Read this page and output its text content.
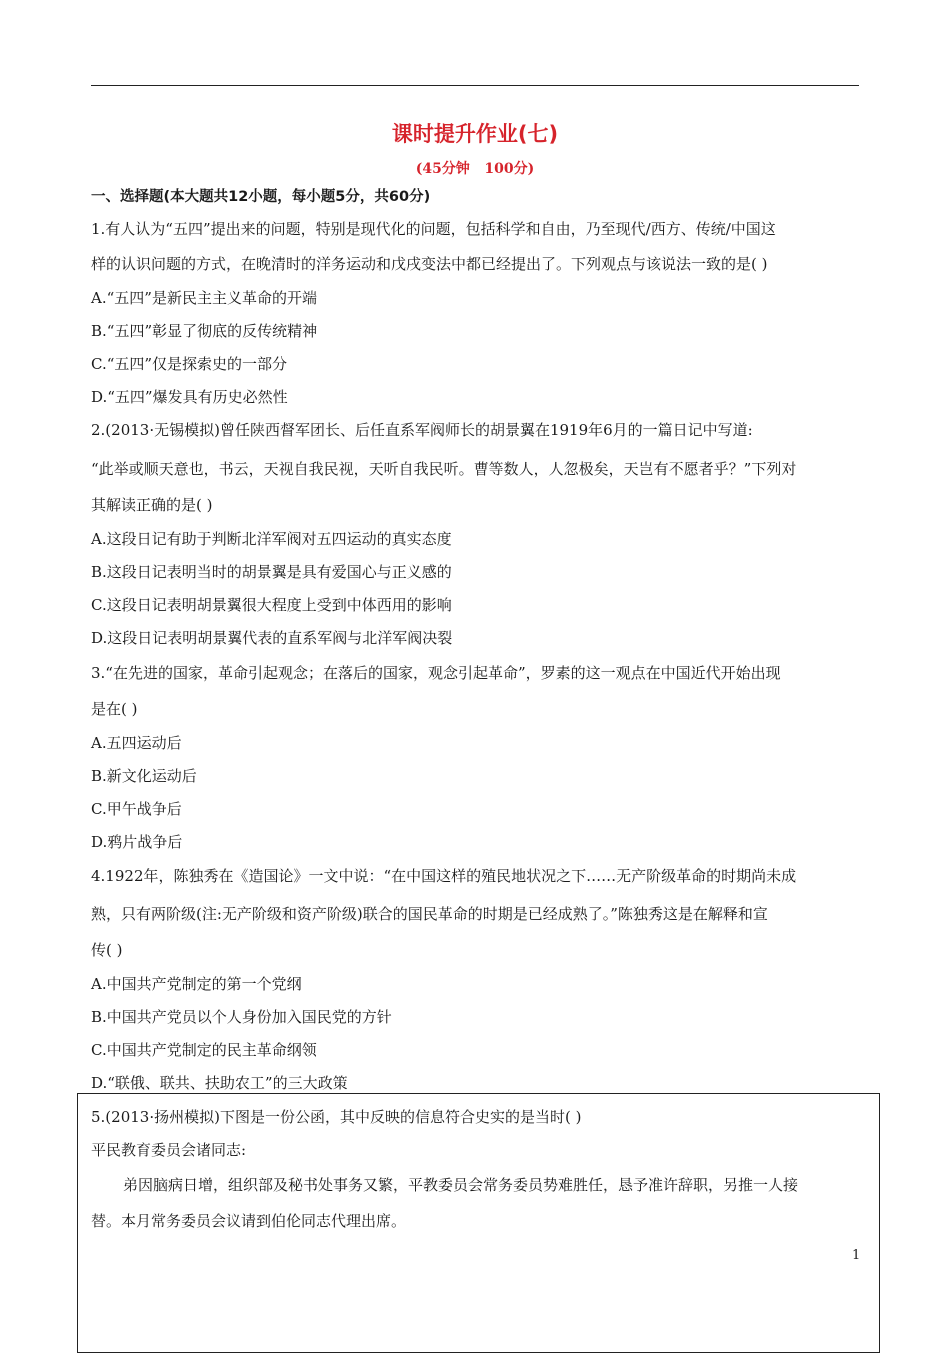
课时提升作业(七)
(45分钟   100分)
一、选择题(本大题共12小题，每小题5分，共60分)
1.有人认为“五四”提出来的问题，特别是现代化的问题，包括科学和自由，乃至现代/西方、传统/中国这
样的认识问题的方式，在晚清时的洋务运动和戊戌变法中都已经提出了。下列观点与该说法一致的是( )
A.“五四”是新民主主义革命的开端
B.“五四”彰显了彻底的反传统精神
C.“五四”仅是探索史的一部分
D.“五四”爆发具有历史必然性
2.(2013·无锡模拟)曾任陕西督军团长、后任直系军阀师长的胡景翼在1919年6月的一篇日记中写道:
“此举或顺天意也，书云，天视自我民视，天听自我民听。曹等数人，人忽极矣，天岂有不愿者乎？”下列对
其解读正确的是( )
A.这段日记有助于判断北洋军阀对五四运动的真实态度
B.这段日记表明当时的胡景翼是具有爱国心与正义感的
C.这段日记表明胡景翼很大程度上受到中体西用的影响
D.这段日记表明胡景翼代表的直系军阀与北洋军阀决裂
3.“在先进的国家，革命引起观念；在落后的国家，观念引起革命”，罗素的这一观点在中国近代开始出现
是在( )
A.五四运动后
B.新文化运动后
C.甲午战争后
D.鸦片战争后
4.1922年，陈独秀在《造国论》一文中说：“在中国这样的殖民地状况之下……无产阶级革命的时期尚未成
熟，只有两阶级(注:无产阶级和资产阶级)联合的国民革命的时期是已经成熟了。”陈独秀这是在解释和宣
传( )
A.中国共产党制定的第一个党纲
B.中国共产党员以个人身份加入国民党的方针
C.中国共产党制定的民主革命纲领
D.“联俄、联共、扶助农工”的三大政策
5.(2013·扬州模拟)下图是一份公函，其中反映的信息符合史实的是当时( )
平民教育委员会诸同志:
弟因脑病日增，组织部及秘书处事务又繁，平教委员会常务委员势难胜任，恳予准许辞职，另推一人接
替。本月常务委员会议请到伯伦同志代理出席。
1
